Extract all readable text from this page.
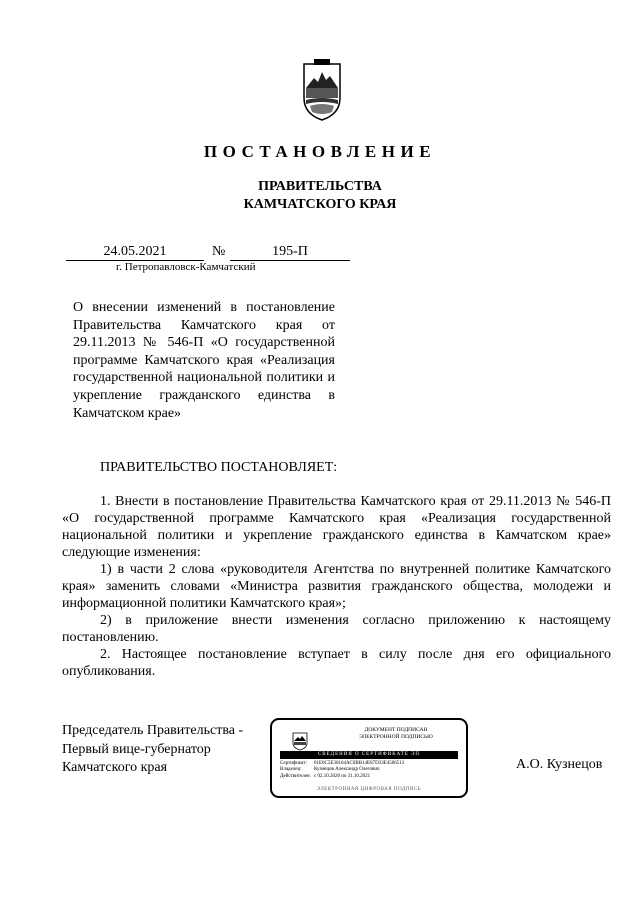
ПОСТАНОВЛЕНИЕ
ПРАВИТЕЛЬСТВА
КАМЧАТСКОГО КРАЯ
24.05.2021	№	195-П
г. Петропавловск-Камчатский
О внесении изменений в постановление Правительства Камчатского края от 29.11.2013 № 546-П «О государственной программе Камчатского края «Реализация государственной национальной политики и укрепление гражданского единства в Камчатском крае»
ПРАВИТЕЛЬСТВО ПОСТАНОВЛЯЕТ:

1. Внести в постановление Правительства Камчатского края от 29.11.2013 № 546-П «О государственной программе Камчатского края «Реализация государственной национальной политики и укрепление гражданского единства в Камчатском крае» следующие изменения:

1) в части 2 слова «руководителя Агентства по внутренней политике Камчатского края» заменить словами «Министра развития гражданского общества, молодежи и информационной политики Камчатского края»;

2) в приложение внести изменения согласно приложению к настоящему постановлению.

2. Настоящее постановление вступает в силу после дня его официального опубликования.

Председатель Правительства -
Первый вице-губернатор
Камчатского края
ДОКУМЕНТ ПОДПИСАН
ЭЛЕКТРОННОЙ ПОДПИСЬЮ
СВЕДЕНИЯ О СЕРТИФИКАТЕ ЭП
Сертификат: 01E6C5E30164AC0BB14E87D33E4506513
Владелец: Кузнецов Александр Олегович
Действителен: с 02.10.2020 по 31.10.2021
ЭЛЕКТРОННАЯ ЦИФРОВАЯ ПОДПИСЬ
А.О. Кузнецов
